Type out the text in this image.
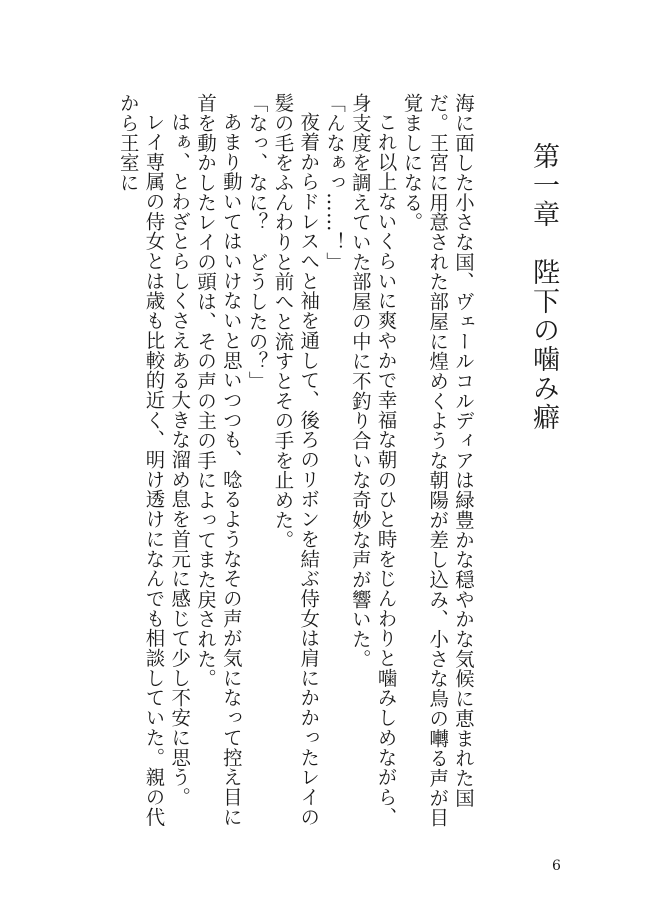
第一章　陛下の噛み癖

海に面した小さな国、ヴェールコルディアは緑豊かな穏やかな気候に恵まれた国だ。王宮に用意された部屋に煌めくような朝陽が差し込み、小さな鳥の囀る声が目覚ましになる。

これ以上ないくらいに爽やかで幸福な朝のひと時をじんわりと噛みしめながら、身支度を調えていた部屋の中に不釣り合いな奇妙な声が響いた。

「んなぁっ……！」

夜着からドレスへと袖を通して、後ろのリボンを結ぶ侍女は肩にかかったレイの髪の毛をふんわりと前へと流すとその手を止めた。

「なっ、なに？　どうしたの？」

あまり動いてはいけないと思いつつも、唸るようなその声が気になって控え目に首を動かしたレイの頭は、その声の主の手によってまた戻された。

はぁ、とわざとらしくさえある大きな溜め息を首元に感じて少し不安に思う。

レイ専属の侍女とは歳も比較的近く、明け透けになんでも相談していた。親の代から王室に

6
